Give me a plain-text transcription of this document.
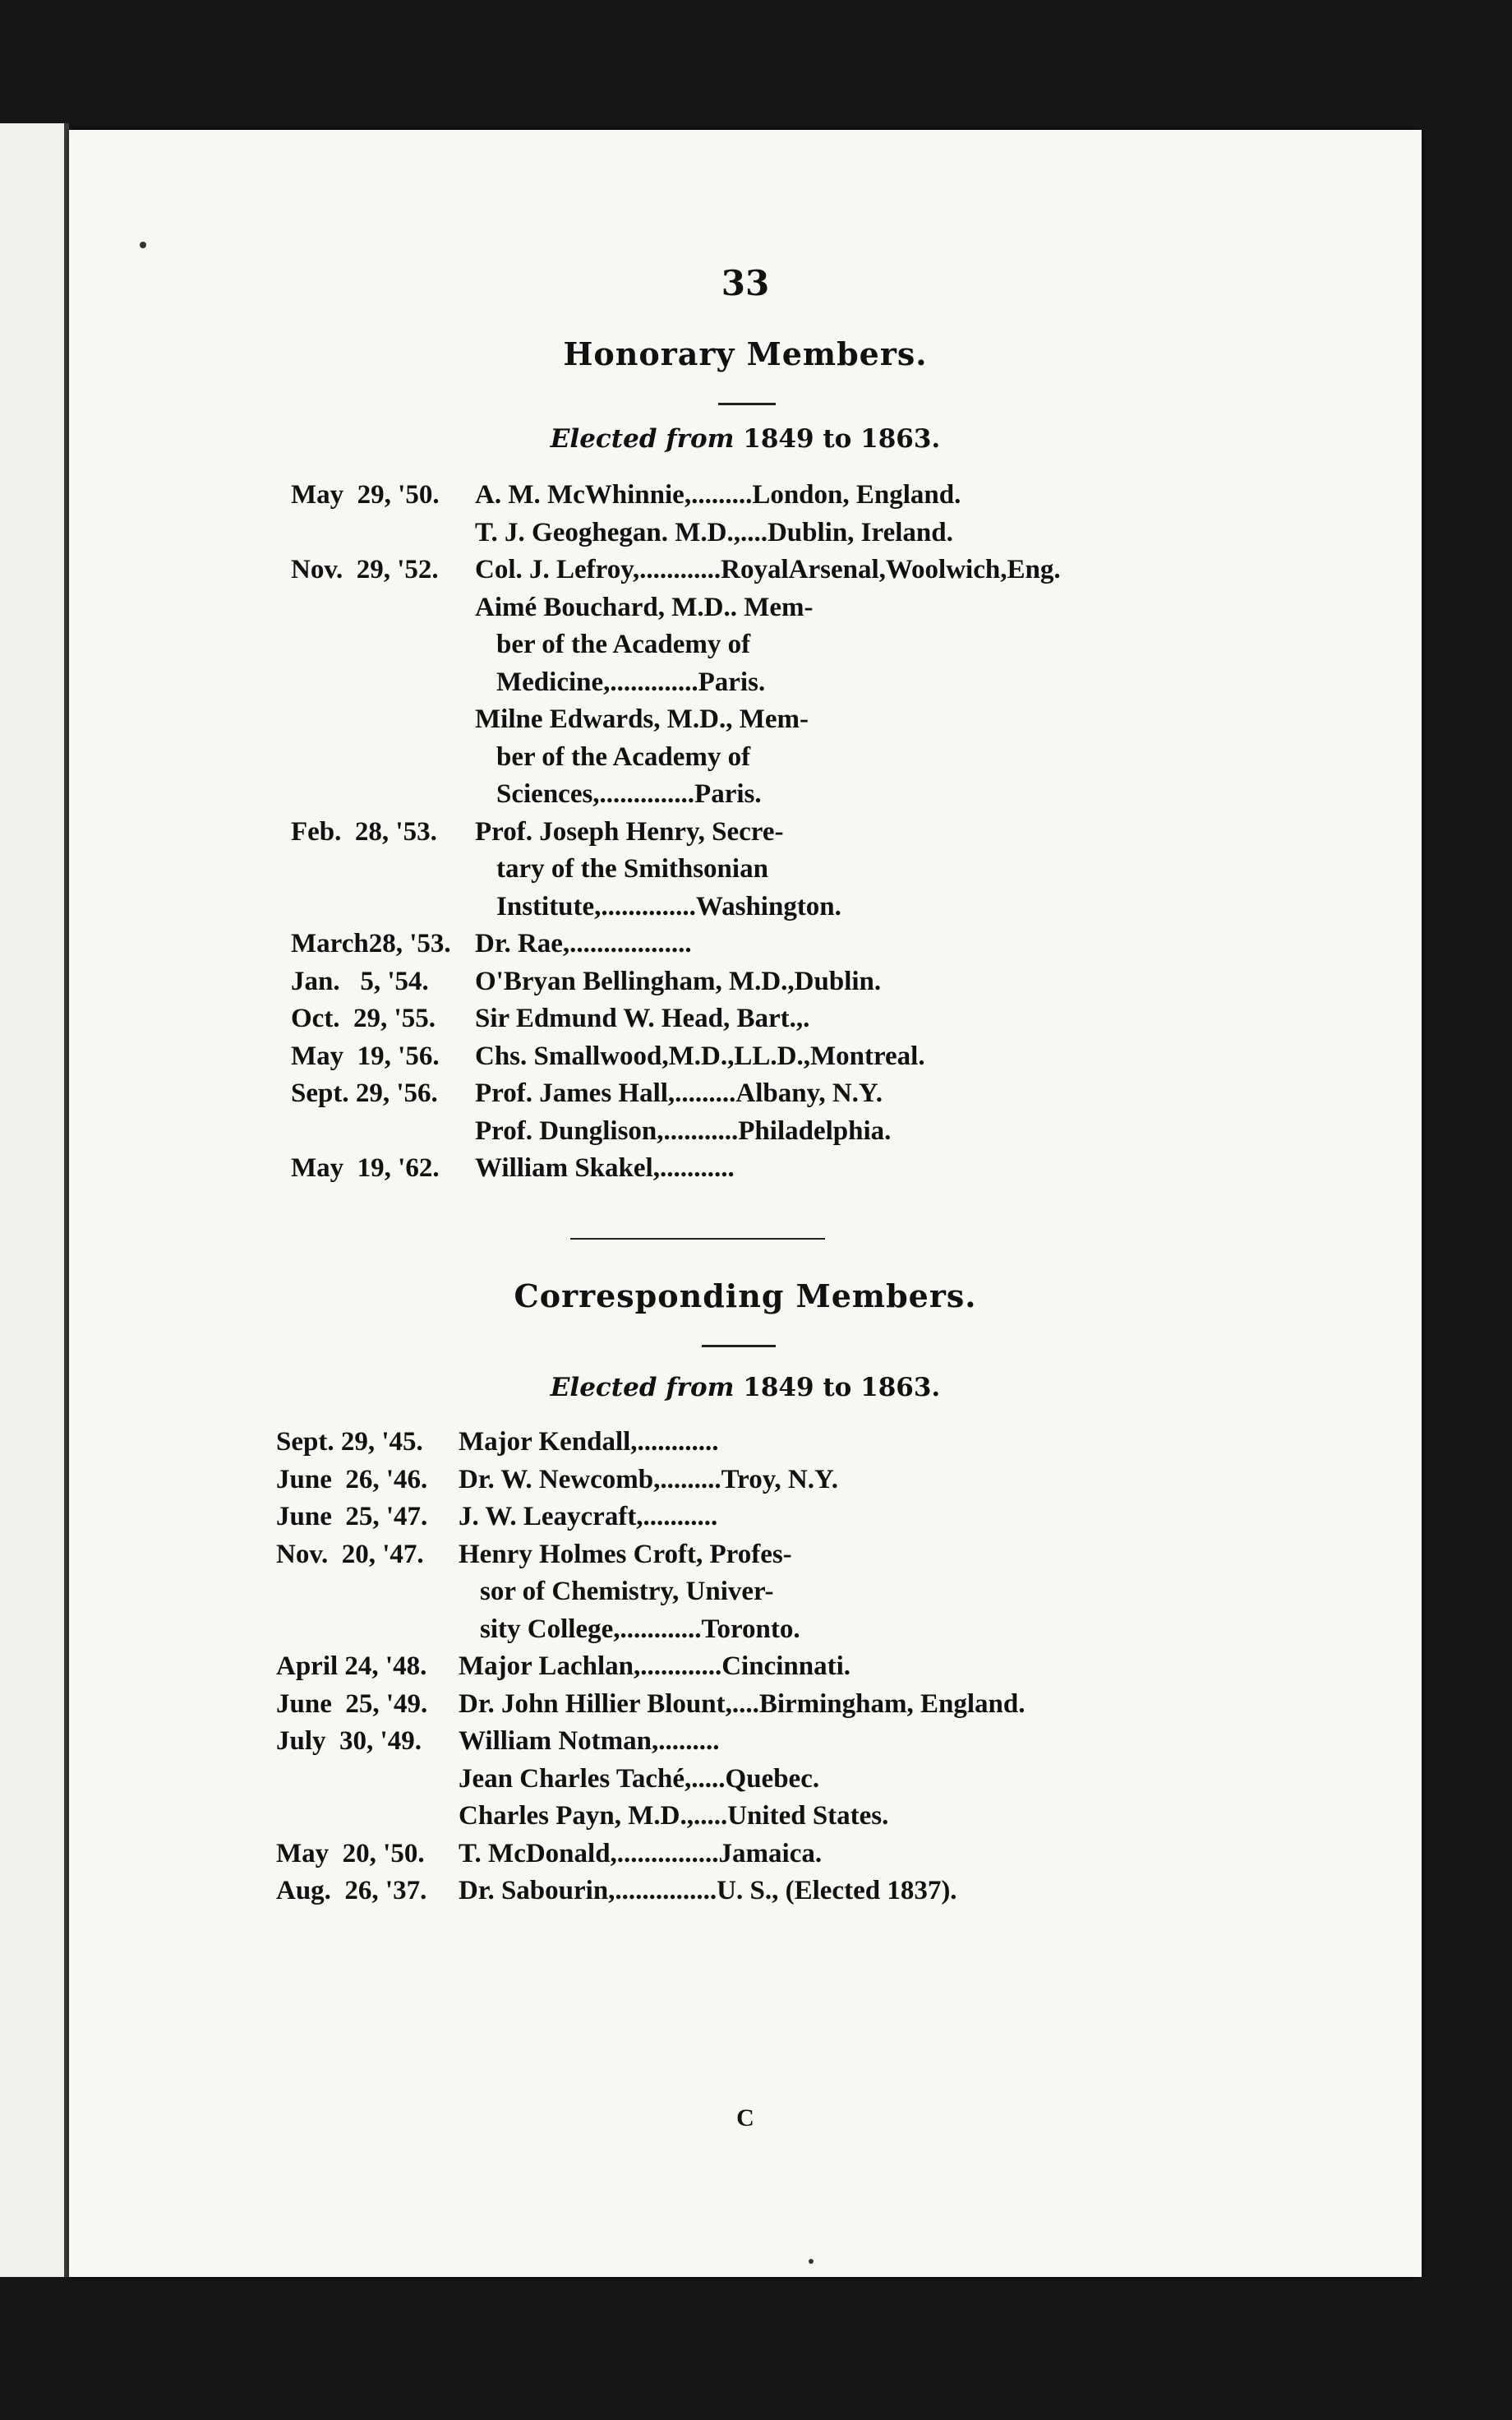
33
Honorary Members.
Elected from 1849 to 1863.
May  29, '50. A. M. McWhinnie,.........London, England.
T. J. Geoghegan. M.D.,....Dublin, Ireland.
Nov.  29, '52. Col. J. Lefroy,............RoyalArsenal,Woolwich,Eng.
Aimé Bouchard, M.D.. Mem-
ber of the Academy of
Medicine,.............Paris.
Milne Edwards, M.D., Mem-
ber of the Academy of
Sciences,..............Paris.
Feb.  28, '53. Prof. Joseph Henry, Secre-
tary of the Smithsonian
Institute,..............Washington.
March28, '53. Dr. Rae,..................
Jan.   5, '54. O'Bryan Bellingham, M.D.,Dublin.
Oct.  29, '55. Sir Edmund W. Head, Bart.,.
May  19, '56. Chs. Smallwood,M.D.,LL.D.,Montreal.
Sept. 29, '56. Prof. James Hall,.........Albany, N.Y.
Prof. Dunglison,...........Philadelphia.
May  19, '62. William Skakel,...........
Corresponding Members.
Elected from 1849 to 1863.
Sept. 29, '45. Major Kendall,............
June  26, '46. Dr. W. Newcomb,.........Troy, N.Y.
June  25, '47. J. W. Leaycraft,...........
Nov.  20, '47. Henry Holmes Croft, Profes-
sor of Chemistry, Univer-
sity College,............Toronto.
April 24, '48. Major Lachlan,............Cincinnati.
June  25, '49. Dr. John Hillier Blount,....Birmingham, England.
July  30, '49. William Notman,.........
Jean Charles Taché,.....Quebec.
Charles Payn, M.D.,.....United States.
May  20, '50. T. McDonald,...............Jamaica.
Aug.  26, '37. Dr. Sabourin,...............U. S., (Elected 1837).
C
